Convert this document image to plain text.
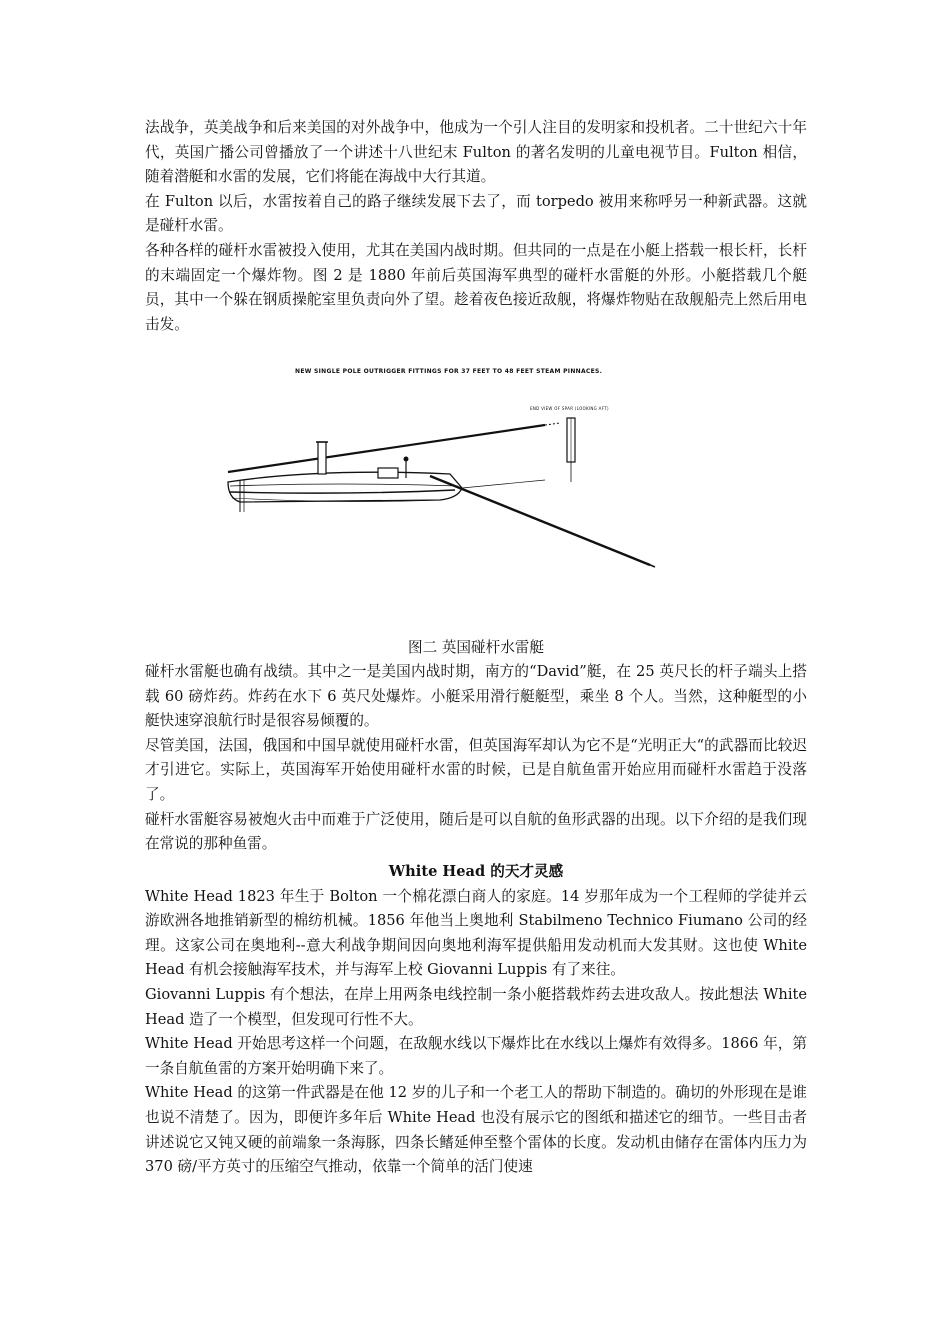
法战争，英美战争和后来美国的对外战争中，他成为一个引人注目的发明家和投机者。二十世纪六十年代，英国广播公司曾播放了一个讲述十八世纪末 Fulton 的著名发明的儿童电视节目。Fulton 相信，随着潜艇和水雷的发展，它们将能在海战中大行其道。

在 Fulton 以后，水雷按着自己的路子继续发展下去了，而 torpedo 被用来称呼另一种新武器。这就是碰杆水雷。

各种各样的碰杆水雷被投入使用，尤其在美国内战时期。但共同的一点是在小艇上搭载一根长杆，长杆的末端固定一个爆炸物。图 2 是 1880 年前后英国海军典型的碰杆水雷艇的外形。小艇搭载几个艇员，其中一个躲在钢质操舵室里负责向外了望。趁着夜色接近敌舰，将爆炸物贴在敌舰船壳上然后用电击发。

NEW SINGLE POLE OUTRIGGER FITTINGS FOR 37 FEET TO 48 FEET STEAM PINNACES.
END VIEW OF SPAR (LOOKING AFT)
图二 英国碰杆水雷艇

碰杆水雷艇也确有战绩。其中之一是美国内战时期，南方的“David”艇，在 25 英尺长的杆子端头上搭载 60 磅炸药。炸药在水下 6 英尺处爆炸。小艇采用滑行艇艇型，乘坐 8 个人。当然，这种艇型的小艇快速穿浪航行时是很容易倾覆的。

尽管美国，法国，俄国和中国早就使用碰杆水雷，但英国海军却认为它不是“光明正大“的武器而比较迟才引进它。实际上，英国海军开始使用碰杆水雷的时候，已是自航鱼雷开始应用而碰杆水雷趋于没落了。

碰杆水雷艇容易被炮火击中而难于广泛使用，随后是可以自航的鱼形武器的出现。以下介绍的是我们现在常说的那种鱼雷。

White Head 的天才灵感

White Head 1823 年生于 Bolton 一个棉花漂白商人的家庭。14 岁那年成为一个工程师的学徒并云游欧洲各地推销新型的棉纺机械。1856 年他当上奥地利 Stabilmeno Technico Fiumano 公司的经理。这家公司在奥地利--意大利战争期间因向奥地利海军提供船用发动机而大发其财。这也使 White Head 有机会接触海军技术，并与海军上校 Giovanni Luppis 有了来往。

Giovanni Luppis 有个想法，在岸上用两条电线控制一条小艇搭载炸药去进攻敌人。按此想法 White Head 造了一个模型，但发现可行性不大。

White Head 开始思考这样一个问题，在敌舰水线以下爆炸比在水线以上爆炸有效得多。1866 年，第一条自航鱼雷的方案开始明确下来了。

White Head 的这第一件武器是在他 12 岁的儿子和一个老工人的帮助下制造的。确切的外形现在是谁也说不清楚了。因为，即便许多年后 White Head 也没有展示它的图纸和描述它的细节。一些目击者讲述说它又钝又硬的前端象一条海豚，四条长鳍延伸至整个雷体的长度。发动机由储存在雷体内压力为 370 磅/平方英寸的压缩空气推动，依靠一个简单的活门使速
